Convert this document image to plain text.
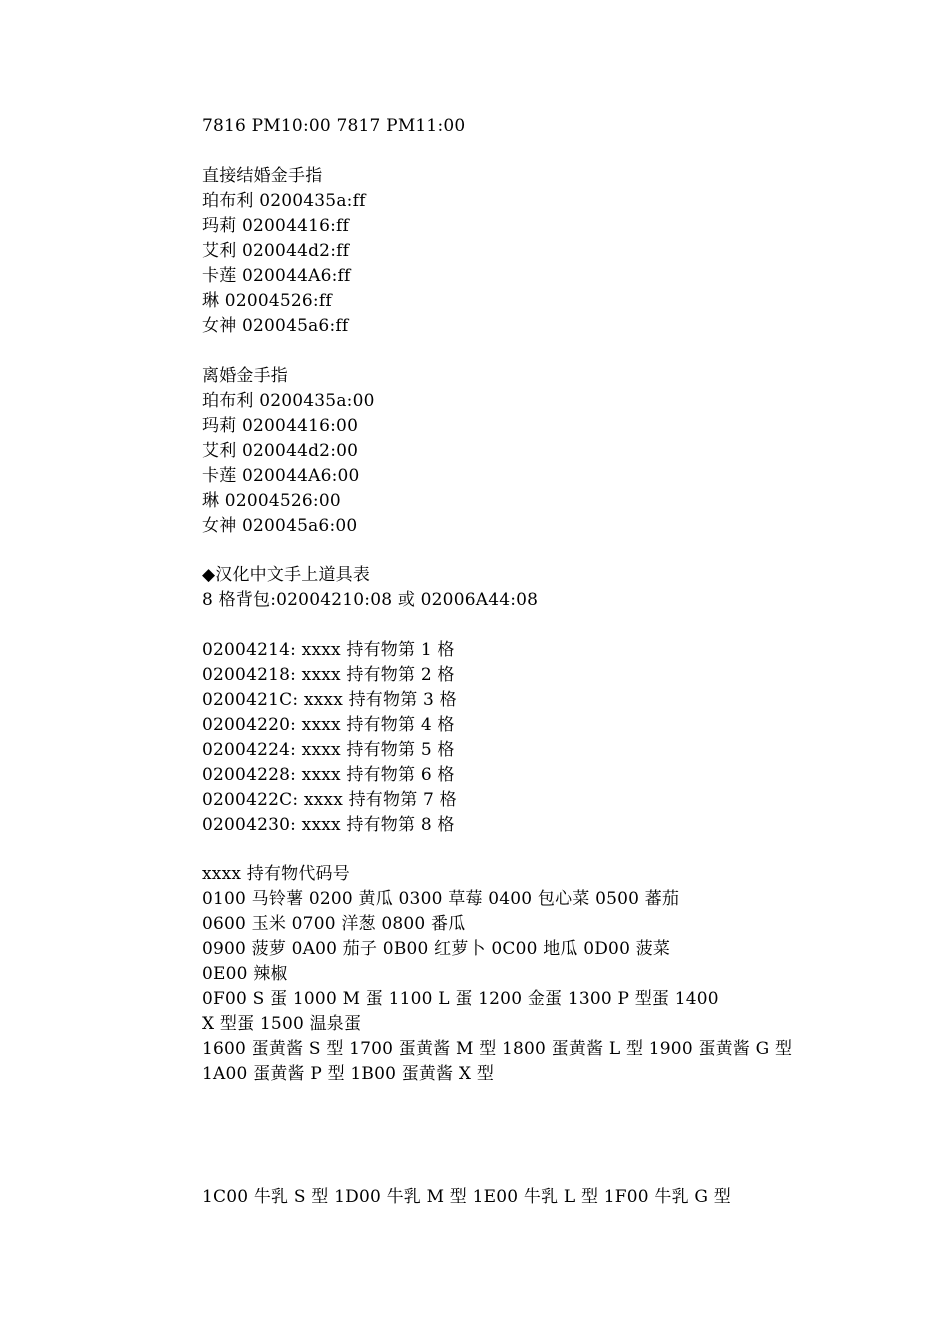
7816 PM10:00 7817 PM11:00
直接结婚金手指
珀布利 0200435a:ff
玛莉 02004416:ff
艾利 020044d2:ff
卡莲 020044A6:ff
琳 02004526:ff
女神 020045a6:ff
离婚金手指
珀布利 0200435a:00
玛莉 02004416:00
艾利 020044d2:00
卡莲 020044A6:00
琳 02004526:00
女神 020045a6:00
◆汉化中文手上道具表
8 格背包:02004210:08 或 02006A44:08
02004214: xxxx 持有物第 1 格
02004218: xxxx 持有物第 2 格
0200421C: xxxx 持有物第 3 格
02004220: xxxx 持有物第 4 格
02004224: xxxx 持有物第 5 格
02004228: xxxx 持有物第 6 格
0200422C: xxxx 持有物第 7 格
02004230: xxxx 持有物第 8 格
xxxx 持有物代码号
0100 马铃薯 0200 黄瓜 0300 草莓 0400 包心菜 0500 蕃茄
0600 玉米 0700 洋葱 0800 番瓜
0900 菠萝 0A00 茄子 0B00 红萝卜 0C00 地瓜 0D00 菠菜
0E00 辣椒
0F00 S 蛋 1000 M 蛋 1100 L 蛋 1200 金蛋 1300 P 型蛋 1400
X 型蛋 1500 温泉蛋
1600 蛋黄酱 S 型 1700 蛋黄酱 M 型 1800 蛋黄酱 L 型 1900 蛋黄酱 G 型
1A00 蛋黄酱 P 型 1B00 蛋黄酱 X 型
1C00 牛乳 S 型 1D00 牛乳 M 型 1E00 牛乳 L 型 1F00 牛乳 G 型
